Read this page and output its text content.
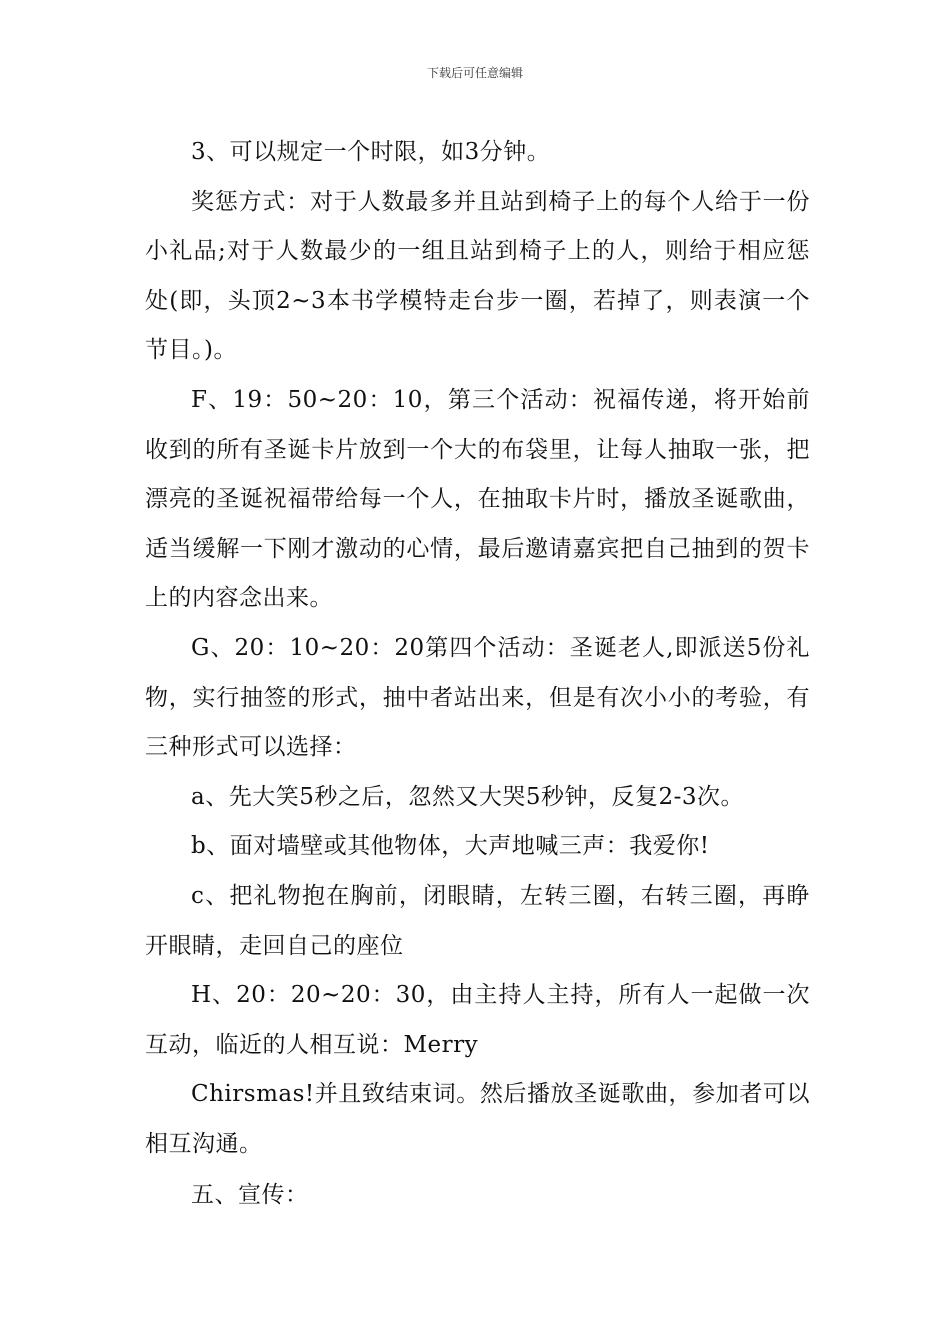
下载后可任意编辑

3、可以规定一个时限，如3分钟。

奖惩方式：对于人数最多并且站到椅子上的每个人给于一份小礼品;对于人数最少的一组且站到椅子上的人，则给于相应惩处(即，头顶2~3本书学模特走台步一圈，若掉了，则表演一个节目。)。

F、19：50~20：10，第三个活动：祝福传递，将开始前收到的所有圣诞卡片放到一个大的布袋里，让每人抽取一张，把漂亮的圣诞祝福带给每一个人，在抽取卡片时，播放圣诞歌曲，适当缓解一下刚才激动的心情，最后邀请嘉宾把自己抽到的贺卡上的内容念出来。

G、20：10~20：20第四个活动：圣诞老人,即派送5份礼物，实行抽签的形式，抽中者站出来，但是有次小小的考验，有三种形式可以选择：

a、先大笑5秒之后，忽然又大哭5秒钟，反复2-3次。

b、面对墙壁或其他物体，大声地喊三声：我爱你!

c、把礼物抱在胸前，闭眼睛，左转三圈，右转三圈，再睁开眼睛，走回自己的座位

H、20：20~20：30，由主持人主持，所有人一起做一次互动，临近的人相互说：Merry

Chirsmas!并且致结束词。然后播放圣诞歌曲，参加者可以相互沟通。

五、宣传：
